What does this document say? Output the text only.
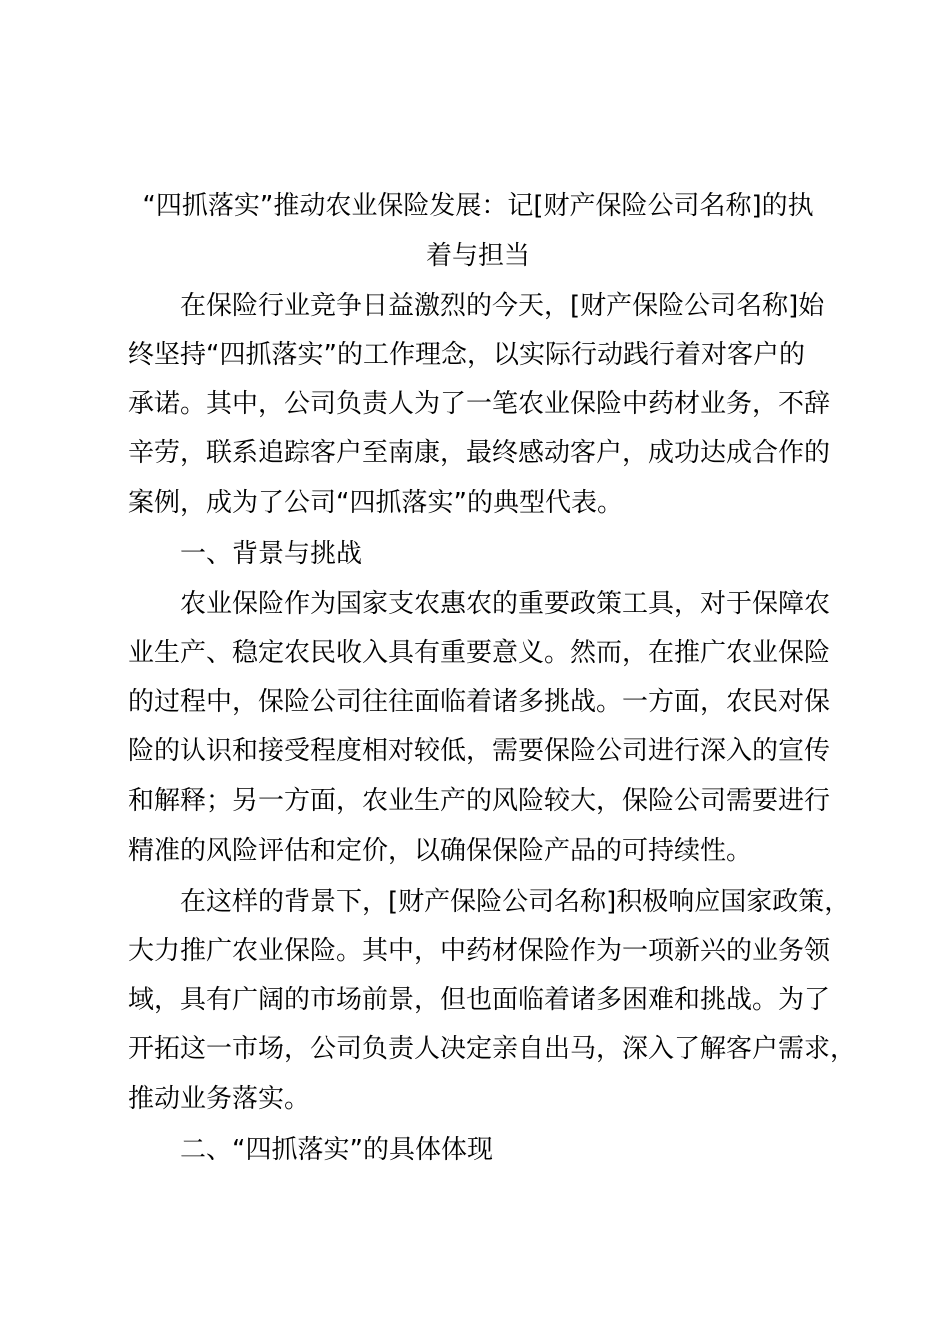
“四抓落实”推动农业保险发展：记[财产保险公司名称]的执
着与担当

在保险行业竞争日益激烈的今天，[财产保险公司名称]始

终坚持“四抓落实”的工作理念，以实际行动践行着对客户的

承诺。其中，公司负责人为了一笔农业保险中药材业务，不辞

辛劳，联系追踪客户至南康，最终感动客户，成功达成合作的

案例，成为了公司“四抓落实”的典型代表。

一、背景与挑战

农业保险作为国家支农惠农的重要政策工具，对于保障农

业生产、稳定农民收入具有重要意义。然而，在推广农业保险

的过程中，保险公司往往面临着诸多挑战。一方面，农民对保

险的认识和接受程度相对较低，需要保险公司进行深入的宣传

和解释；另一方面，农业生产的风险较大，保险公司需要进行

精准的风险评估和定价，以确保保险产品的可持续性。

在这样的背景下，[财产保险公司名称]积极响应国家政策，

大力推广农业保险。其中，中药材保险作为一项新兴的业务领

域，具有广阔的市场前景，但也面临着诸多困难和挑战。为了

开拓这一市场，公司负责人决定亲自出马，深入了解客户需求，

推动业务落实。

二、“四抓落实”的具体体现
